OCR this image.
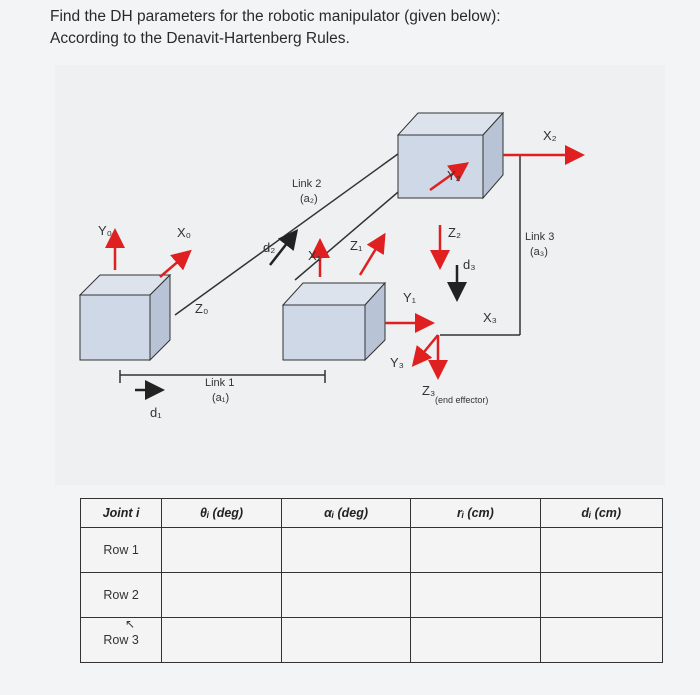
Find the DH parameters for the robotic manipulator (given below):
According to the Denavit-Hartenberg Rules.
Y₀	X₀
Z₀
d₁
d₂
X₁
Z₁
Y₁
Y₂
Z₂
d₃
X₂
X₃
Y₃
Z₃
Link 2
(a₂)
Link 1
(a₁)
Link 3
(a₃)
(end effector)
Joint i	θᵢ (deg)	αᵢ (deg)	rᵢ (cm)	dᵢ (cm)
Row 1				
Row 2				
Row 3				
↖
